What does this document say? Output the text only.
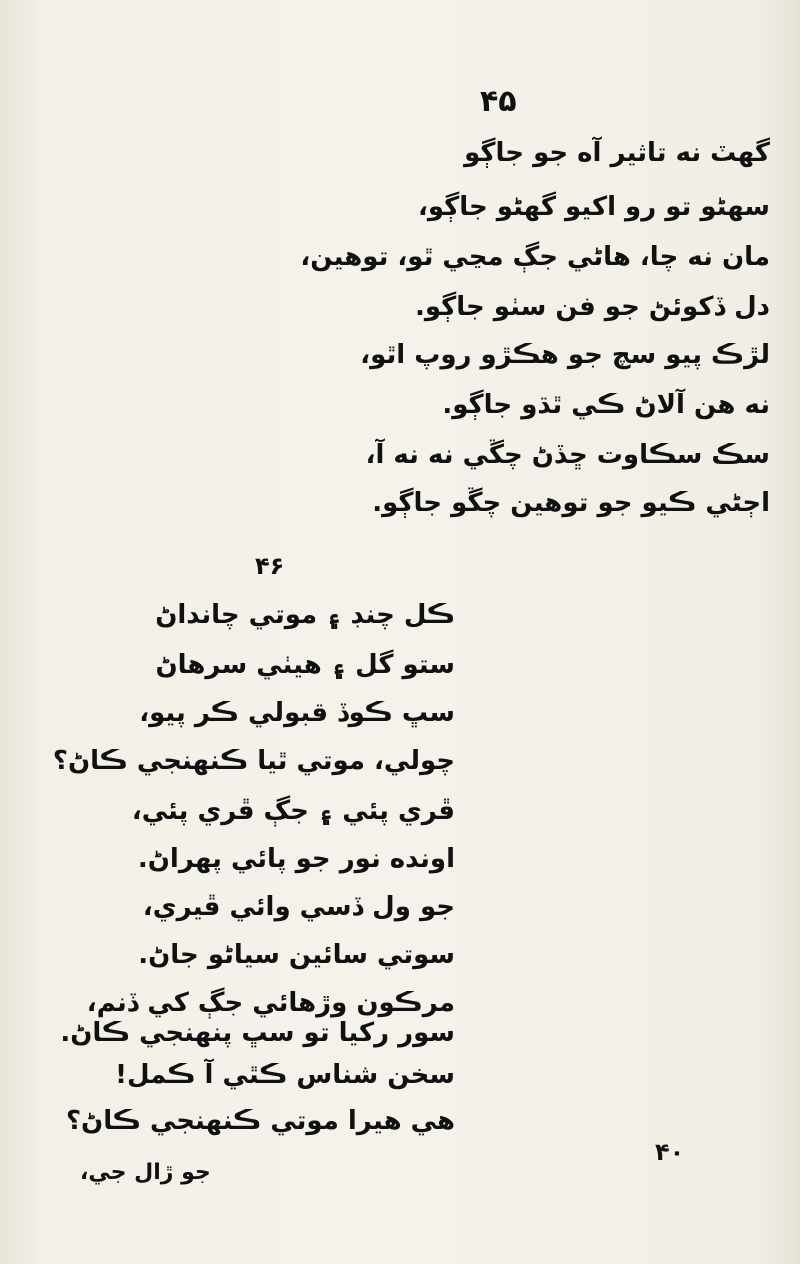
۴۵
گهٽ نه تاثير آه جو جاڳو
سهڻو تو رو اکيو گهڻو جاڳو،
مان نه چا، هاڻي جڳ مڃي ٿو، توهين،
دل ڏکوئڻ جو فن سٺو جاڳو.
لڙڪ پيو سچ جو هڪڙو روپ اٿو،
نه هن آلاڻ ڪي ٿڌو جاڳو.
سڪ سڪاوت ڇڏڻ چڱي نه نه آ،
اڄڻي ڪيو جو توهين چڱو جاڳو.
۴۶
ڪل چنڊ ۽ موتي چانداڻ
ستو گل ۽ هيٺي سرهاڻ
سڀ ڪوڏ قبولي ڪر پيو،
چولي، موتي ٿيا ڪنهنجي ڪاڻ؟
ڦري پئي ۽ جڳ ڦري پئي،
اونده نور جو پائي پهراڻ.
جو ول ڏسي وائي ڦيري،
سوتي سائين سياڻو جاڻ.
مرڪون وڙهائي جڳ کي ڏنم،
سور رکيا تو سڀ پنهنجي ڪاڻ.
سخن شناس ڪٿي آ ڪمل!
هي هيرا موتي ڪنهنجي ڪاڻ؟
۴۰
جو ڙال جي،
